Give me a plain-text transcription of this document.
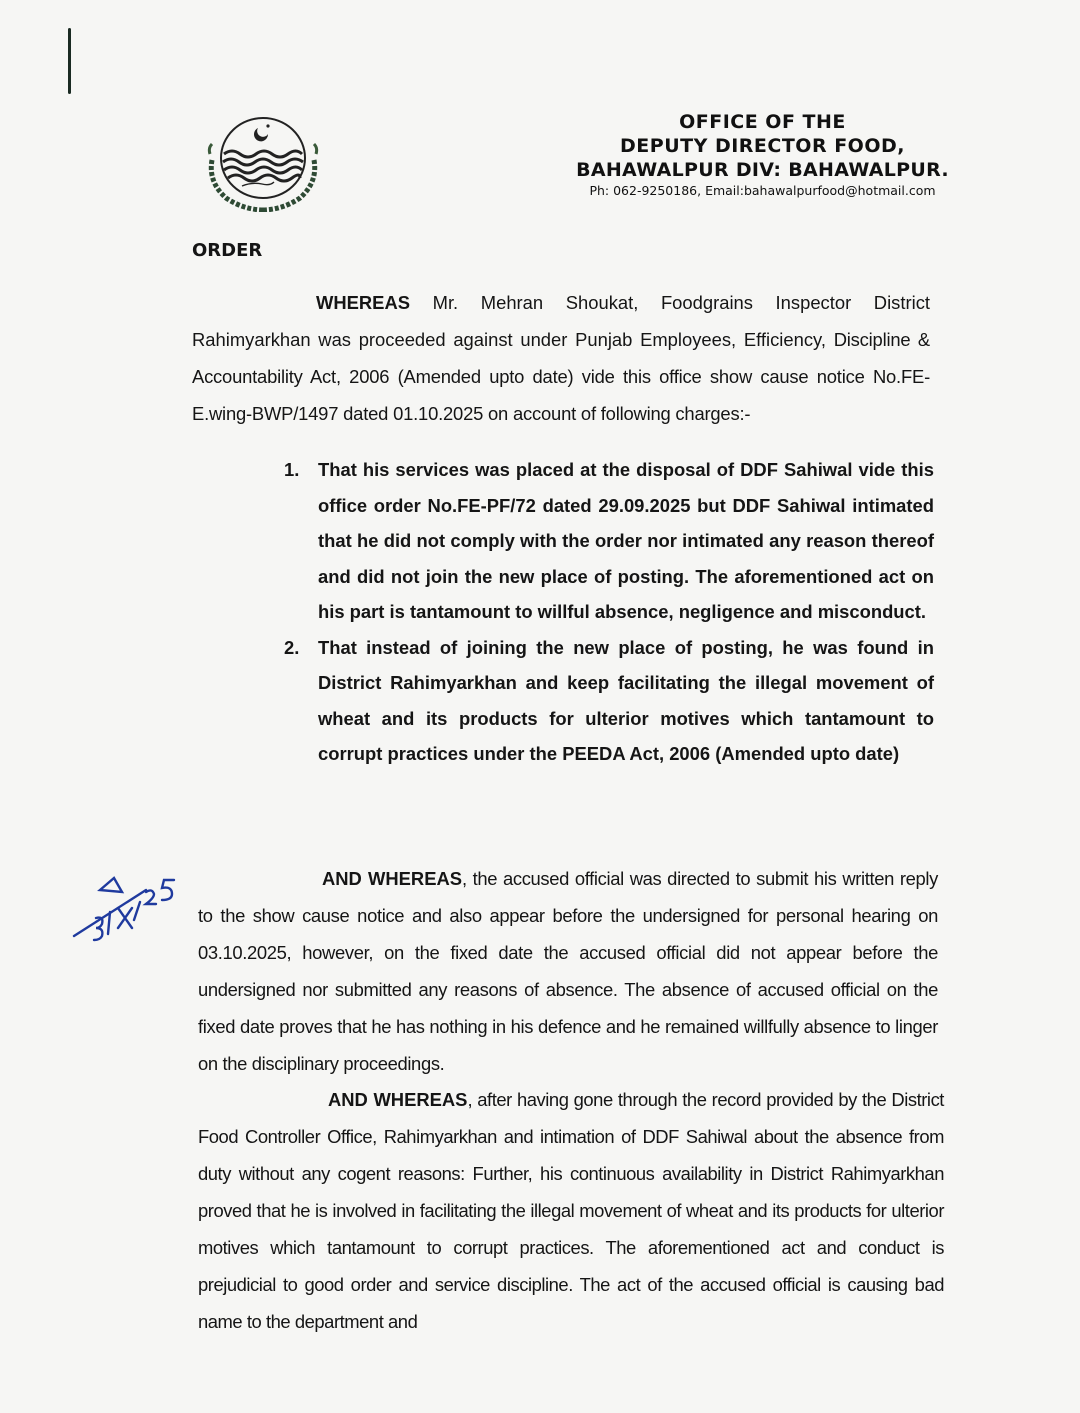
OFFICE OF THE
DEPUTY DIRECTOR FOOD,
BAHAWALPUR DIV: BAHAWALPUR.
Ph: 062-9250186, Email:bahawalpurfood@hotmail.com
ORDER
WHEREAS Mr. Mehran Shoukat, Foodgrains Inspector District Rahimyarkhan was proceeded against under Punjab Employees, Efficiency, Discipline & Accountability Act, 2006 (Amended upto date) vide this office show cause notice No.FE-E.wing-BWP/1497 dated 01.10.2025 on account of following charges:-
1.	That his services was placed at the disposal of DDF Sahiwal vide this office order No.FE-PF/72 dated 29.09.2025 but DDF Sahiwal intimated that he did not comply with the order nor intimated any reason thereof and did not join the new place of posting. The aforementioned act on his part is tantamount to willful absence, negligence and misconduct.
2.	That instead of joining the new place of posting, he was found in District Rahimyarkhan and keep facilitating the illegal movement of wheat and its products for ulterior motives which tantamount to corrupt practices under the PEEDA Act, 2006 (Amended upto date)
AND WHEREAS, the accused official was directed to submit his written reply to the show cause notice and also appear before the undersigned for personal hearing on 03.10.2025, however, on the fixed date the accused official did not appear before the undersigned nor submitted any reasons of absence. The absence of accused official on the fixed date proves that he has nothing in his defence and he remained willfully absence to linger on the disciplinary proceedings.
AND WHEREAS, after having gone through the record provided by the District Food Controller Office, Rahimyarkhan and intimation of DDF Sahiwal about the absence from duty without any cogent reasons: Further, his continuous availability in District Rahimyarkhan proved that he is involved in facilitating the illegal movement of wheat and its products for ulterior motives which tantamount to corrupt practices. The aforementioned act and conduct is prejudicial to good order and service discipline. The act of the accused official is causing bad name to the department and
